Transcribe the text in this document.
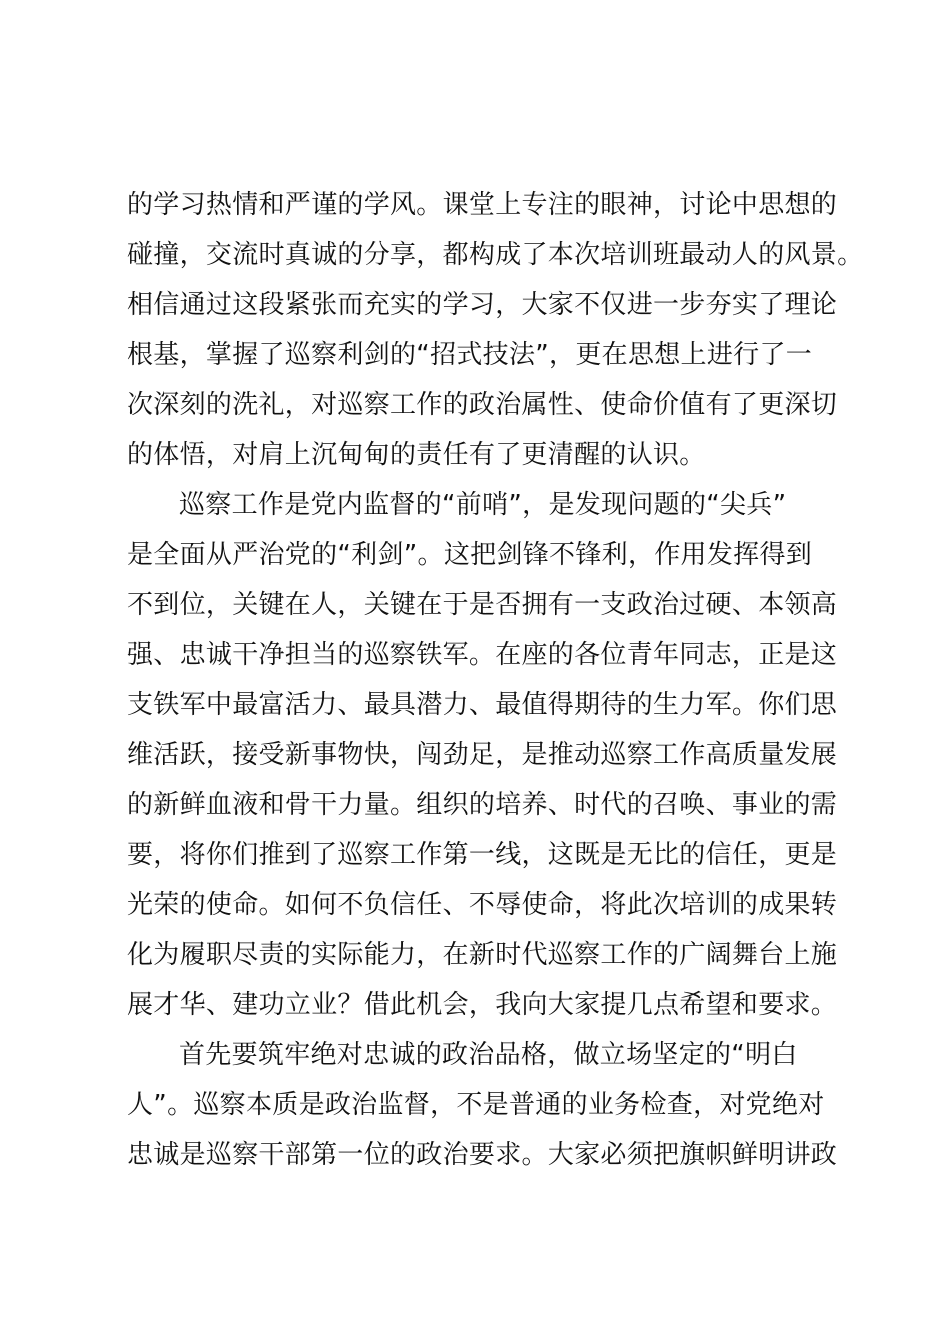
的学习热情和严谨的学风。课堂上专注的眼神，讨论中思想的
碰撞，交流时真诚的分享，都构成了本次培训班最动人的风景。
相信通过这段紧张而充实的学习，大家不仅进一步夯实了理论
根基，掌握了巡察利剑的“招式技法”，更在思想上进行了一
次深刻的洗礼，对巡察工作的政治属性、使命价值有了更深切
的体悟，对肩上沉甸甸的责任有了更清醒的认识。
巡察工作是党内监督的“前哨”，是发现问题的“尖兵”
是全面从严治党的“利剑”。这把剑锋不锋利，作用发挥得到
不到位，关键在人，关键在于是否拥有一支政治过硬、本领高
强、忠诚干净担当的巡察铁军。在座的各位青年同志，正是这
支铁军中最富活力、最具潜力、最值得期待的生力军。你们思
维活跃，接受新事物快，闯劲足，是推动巡察工作高质量发展
的新鲜血液和骨干力量。组织的培养、时代的召唤、事业的需
要，将你们推到了巡察工作第一线，这既是无比的信任，更是
光荣的使命。如何不负信任、不辱使命，将此次培训的成果转
化为履职尽责的实际能力，在新时代巡察工作的广阔舞台上施
展才华、建功立业？借此机会，我向大家提几点希望和要求。
首先要筑牢绝对忠诚的政治品格，做立场坚定的“明白
人”。巡察本质是政治监督，不是普通的业务检查，对党绝对
忠诚是巡察干部第一位的政治要求。大家必须把旗帜鲜明讲政
